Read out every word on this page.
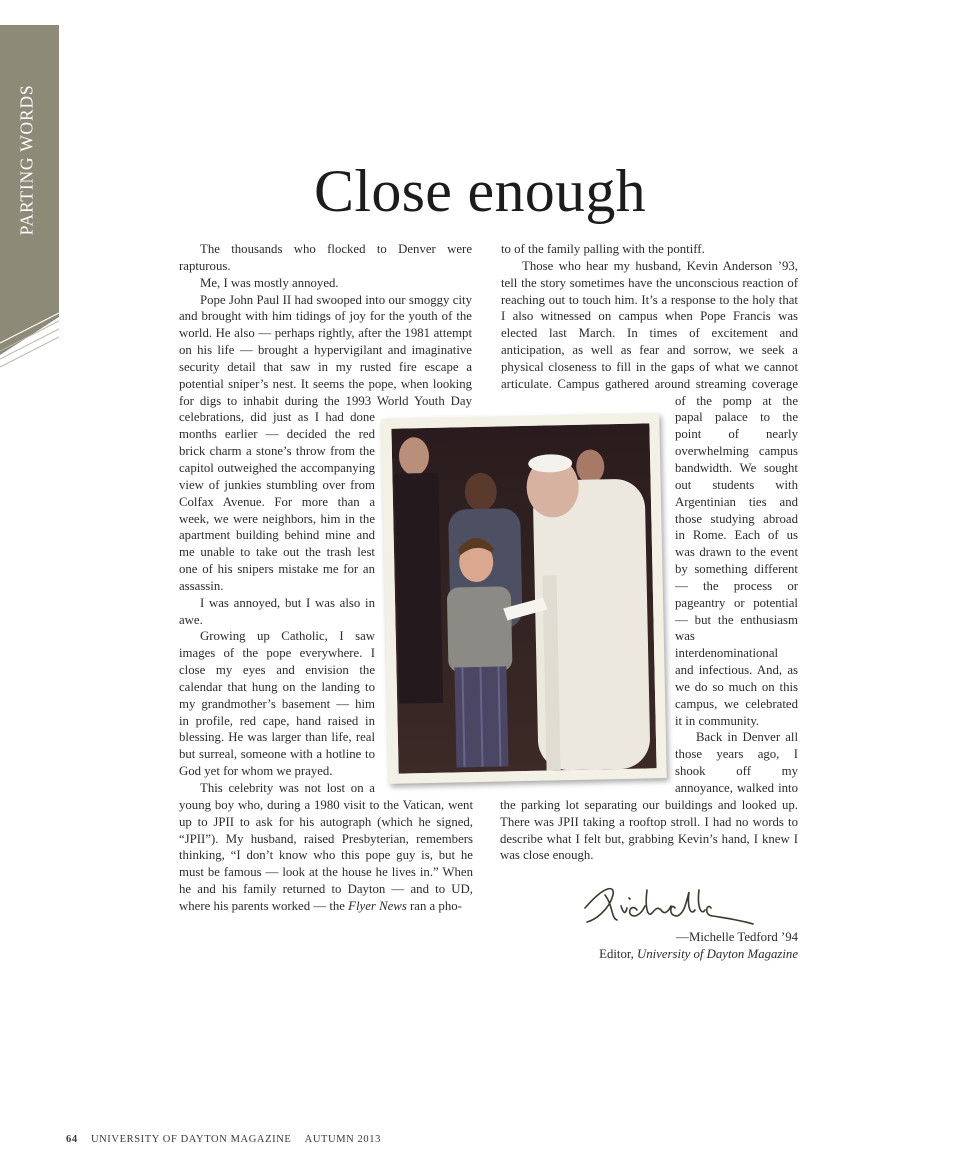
PARTING WORDS	Close enough

The thousands who flocked to Denver were rapturous.

Me, I was mostly annoyed.

Pope John Paul II had swooped into our smoggy city and brought with him tidings of joy for the youth of the world. He also — perhaps rightly, after the 1981 attempt on his life — brought a hypervigilant and imaginative security detail that saw in my rusted fire escape a potential sniper’s nest. It seems the pope, when looking for digs to inhabit during the 1993 World Youth Day celebrations, did just as I had done months earlier — decided the red brick charm a stone’s throw from the capitol outweighed the accompanying view of junkies stumbling over from Colfax Avenue. For more than a week, we were neighbors, him in the apartment building behind mine and me unable to take out the trash lest one of his snipers mistake me for an assassin.

I was annoyed, but I was also in awe.

Growing up Catholic, I saw images of the pope everywhere. I close my eyes and envision the calendar that hung on the landing to my grandmother’s basement — him in profile, red cape, hand raised in blessing. He was larger than life, real but surreal, someone with a hotline to God yet for whom we prayed.

This celebrity was not lost on a young boy who, during a 1980 visit to the Vatican, went up to JPII to ask for his autograph (which he signed, “JPII”). My husband, raised Presbyterian, remembers thinking, “I don’t know who this pope guy is, but he must be famous — look at the house he lives in.” When he and his family returned to Dayton — and to UD, where his parents worked — the Flyer News ran a pho-

to of the family palling with the pontiff.

Those who hear my husband, Kevin Anderson ’93, tell the story sometimes have the unconscious reaction of reaching out to touch him. It’s a response to the holy that I also witnessed on campus when Pope Francis was elected last March. In times of excitement and anticipation, as well as fear and sorrow, we seek a physical closeness to fill in the gaps of what we cannot articulate. Campus gathered around streaming coverage of the pomp at the papal palace to the point of nearly overwhelming campus bandwidth. We sought out students with Argentinian ties and those studying abroad in Rome. Each of us was drawn to the event by something different — the process or pageantry or potential — but the enthusiasm was interdenominational and infectious. And, as we do so much on this campus, we celebrated it in community.

Back in Denver all those years ago, I shook off my annoyance, walked into the parking lot separating our buildings and looked up. There was JPII taking a rooftop stroll. I had no words to describe what I felt but, grabbing Kevin’s hand, I knew I was close enough.

—Michelle Tedford ’94
Editor, University of Dayton Magazine
64 UNIVERSITY OF DAYTON MAGAZINE AUTUMN 2013
